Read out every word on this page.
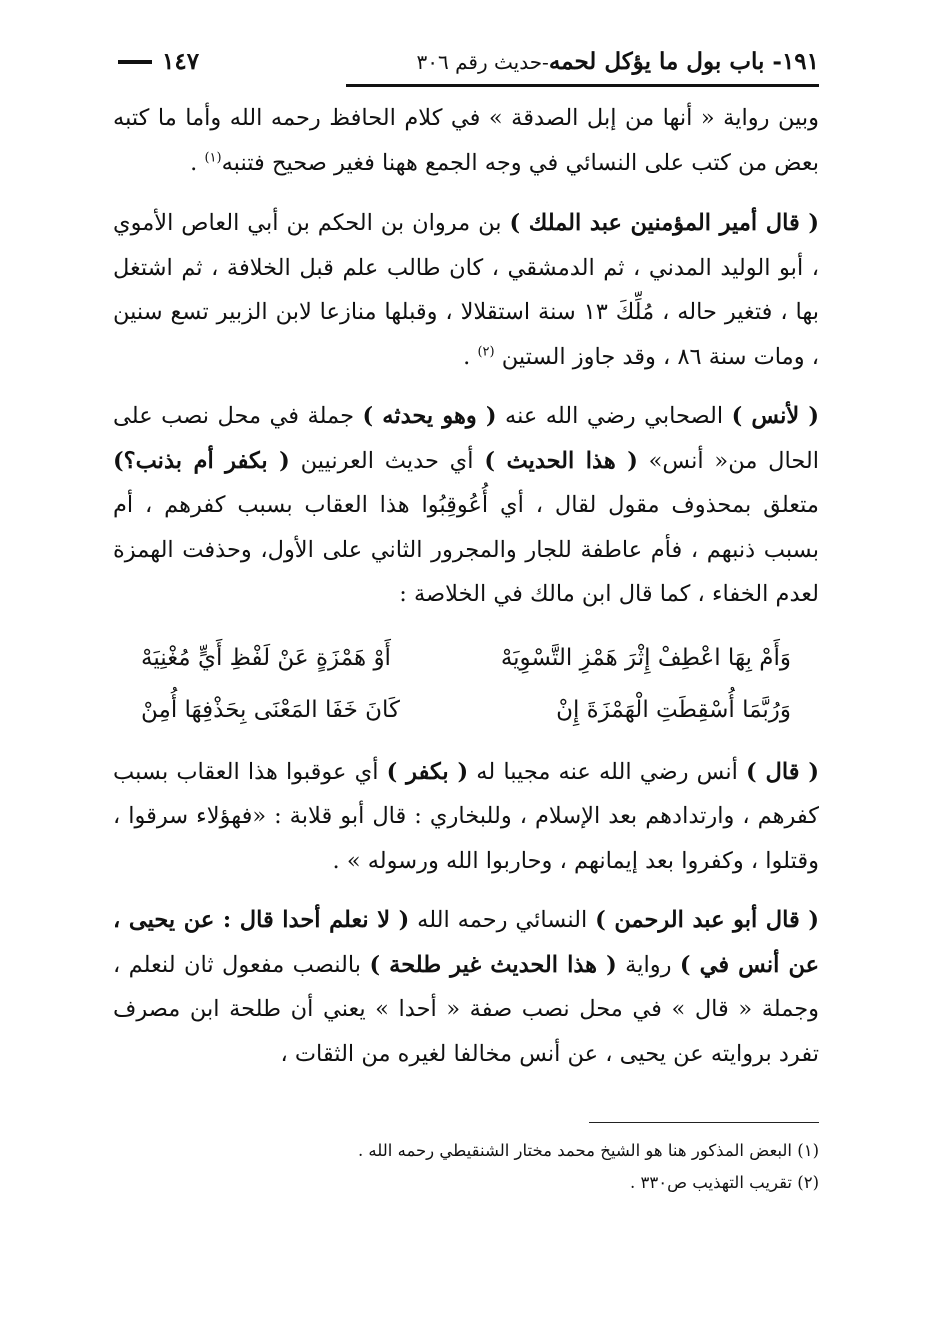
١٩١- باب بول ما يؤكل لحمه-حديث رقم ٣٠٦
١٤٧

وبين رواية « أنها من إبل الصدقة » في كلام الحافظ رحمه الله وأما ما كتبه بعض من كتب على النسائي في وجه الجمع ههنا فغير صحيح فتنبه$^{(١)}$ .

( قال أمير المؤمنين عبد الملك ) بن مروان بن الحكم بن أبي العاص الأموي ، أبو الوليد المدني ، ثم الدمشقي ، كان طالب علم قبل الخلافة ، ثم اشتغل بها ، فتغير حاله ، مُلِّكَ ١٣ سنة استقلالا ، وقبلها منازعا لابن الزبير تسع سنين ، ومات سنة ٨٦ ، وقد جاوز الستين $^{(٢)}$ .

( لأنس ) الصحابي رضي الله عنه ( وهو يحدثه ) جملة في محل نصب على الحال من« أنس» ( هذا الحديث ) أي حديث العرنيين ( بكفر أم بذنب؟) متعلق بمحذوف مقول لقال ، أي أُعُوقِبُوا هذا العقاب بسبب كفرهم ، أم بسبب ذنبهم ، فأم عاطفة للجار والمجرور الثاني على الأول، وحذفت الهمزة لعدم الخفاء ، كما قال ابن مالك في الخلاصة :

وَأَمْ بِهَا اعْطِفْ إِثْرَ هَمْزِ التَّسْوِيَهْ
أَوْ هَمْزَةٍ عَنْ لَفْظِ أَيٍّ مُغْنِيَهْ
وَرُبَّمَا أُسْقِطَتِ الْهَمْزَةَ إِنْ
كَانَ خَفَا المَعْنَى بِحَذْفِهَا أُمِنْ

( قال ) أنس رضي الله عنه مجيبا له ( بكفر ) أي عوقبوا هذا العقاب بسبب كفرهم ، وارتدادهم بعد الإسلام ، وللبخاري : قال أبو قلابة : «فهؤلاء سرقوا ، وقتلوا ، وكفروا بعد إيمانهم ، وحاربوا الله ورسوله » .

( قال أبو عبد الرحمن ) النسائي رحمه الله ( لا نعلم أحدا قال : عن يحيى ، عن أنس في ) رواية ( هذا الحديث غير طلحة ) بالنصب مفعول ثان لنعلم ، وجملة « قال » في محل نصب صفة « أحدا » يعني أن طلحة ابن مصرف تفرد بروايته عن يحيى ، عن أنس مخالفا لغيره من الثقات ،

(١) البعض المذكور هنا هو الشيخ محمد مختار الشنقيطي رحمه الله .

(٢) تقريب التهذيب ص٣٣٠ .
